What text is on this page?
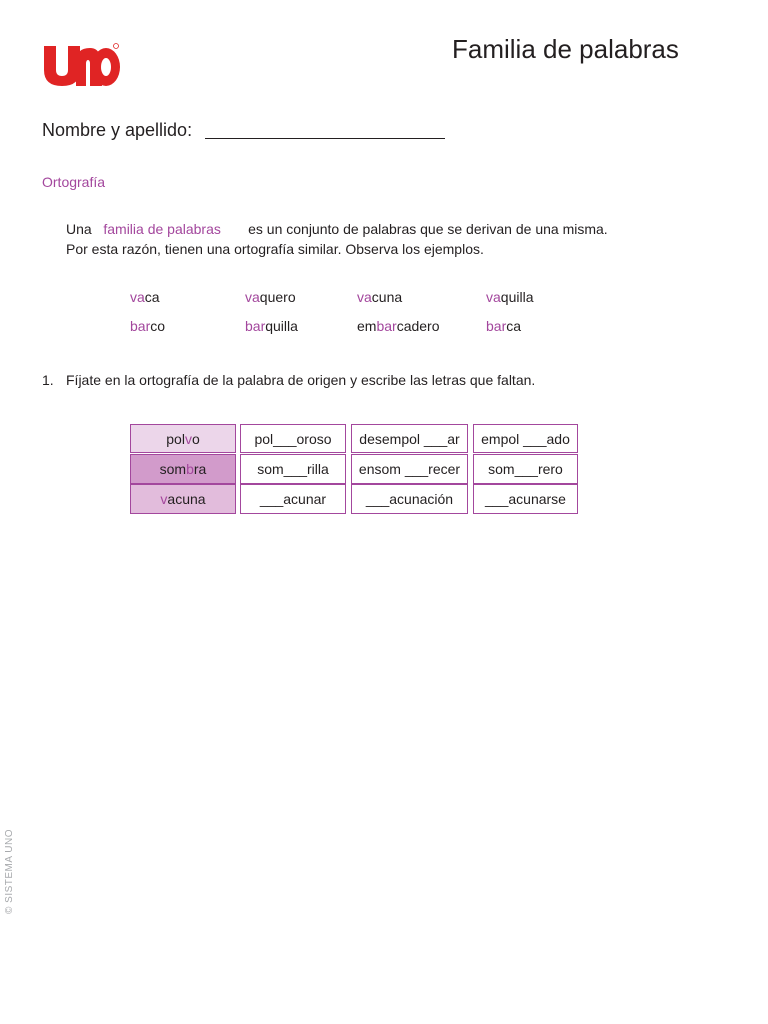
Familia de palabras
Nombre y apellido:
Ortografía
Una familia de palabras es un conjunto de palabras que se derivan de una misma.
Por esta razón, tienen una ortografía similar. Observa los ejemplos.
vaca	vaquero	vacuna	vaquilla
barco	barquilla	embarcadero	barca
1. Fíjate en la ortografía de la palabra de origen y escribe las letras que faltan.
pol v o	pol___oroso	desempol ___ar	empol ___ado
som b ra	som___rilla	ensom ___recer	som___rero
v acuna	___acunar	___acunación	___acunarse
© SISTEMA UNO
